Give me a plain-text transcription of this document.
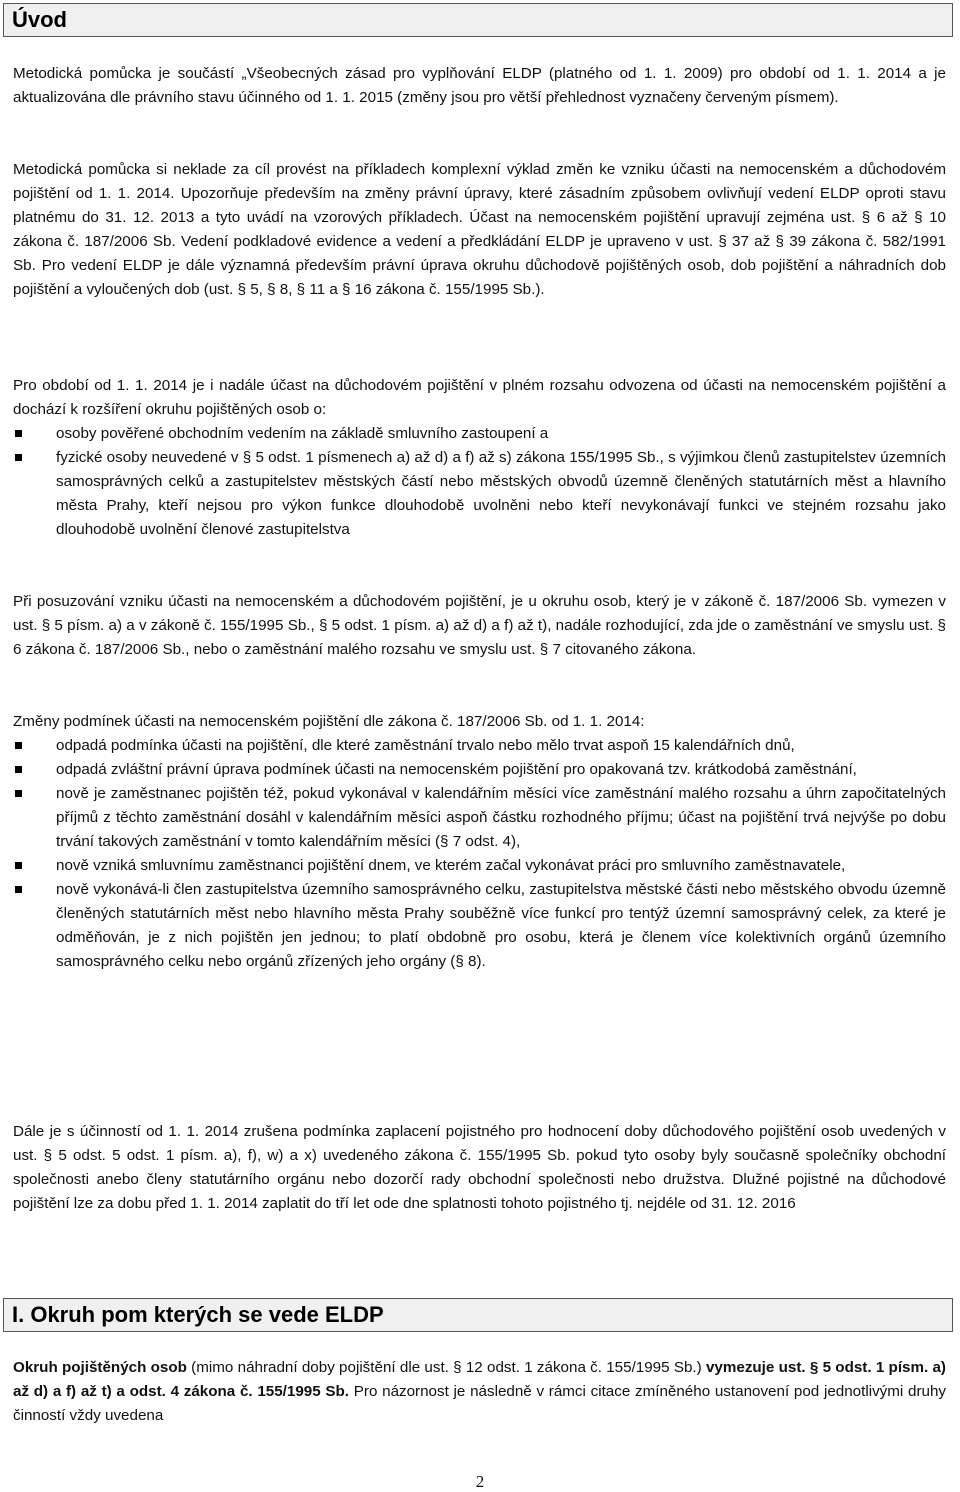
Úvod

Metodická pomůcka je součástí „Všeobecných zásad pro vyplňování ELDP (platného od 1. 1. 2009) pro období od 1. 1. 2014 a je aktualizována dle právního stavu účinného od 1. 1. 2015 (změny jsou pro větší přehlednost vyznačeny červeným písmem).

Metodická pomůcka si neklade za cíl provést na příkladech komplexní výklad změn ke vzniku účasti na nemocenském a důchodovém pojištění od 1. 1. 2014. Upozorňuje především na změny právní úpravy, které zásadním způsobem ovlivňují vedení ELDP oproti stavu platnému do 31. 12. 2013 a tyto uvádí na vzorových příkladech. Účast na nemocenském pojištění upravují zejména ust. § 6 až § 10 zákona č. 187/2006 Sb. Vedení podkladové evidence a vedení a předkládání ELDP je upraveno v ust. § 37 až § 39 zákona č. 582/1991 Sb. Pro vedení ELDP je dále významná především právní úprava okruhu důchodově pojištěných osob, dob pojištění a náhradních dob pojištění a vyloučených dob (ust. § 5, § 8, § 11 a § 16 zákona č. 155/1995 Sb.).

Pro období od 1. 1. 2014 je i nadále účast na důchodovém pojištění v plném rozsahu odvozena od účasti na nemocenském pojištění a dochází k rozšíření okruhu pojištěných osob o:

osoby pověřené obchodním vedením na základě smluvního zastoupení a
fyzické osoby neuvedené v § 5 odst. 1 písmenech a) až d) a f) až s) zákona 155/1995 Sb., s výjimkou členů zastupitelstev územních samosprávných celků a zastupitelstev městských částí nebo městských obvodů územně členěných statutárních měst a hlavního města Prahy, kteří nejsou pro výkon funkce dlouhodobě uvolněni nebo kteří nevykonávají funkci ve stejném rozsahu jako dlouhodobě uvolnění členové zastupitelstva

Při posuzování vzniku účasti na nemocenském a důchodovém pojištění, je u okruhu osob, který je v zákoně č. 187/2006 Sb. vymezen v ust. § 5 písm. a) a v zákoně č. 155/1995 Sb., § 5 odst. 1 písm. a) až d) a f) až t), nadále rozhodující, zda jde o zaměstnání ve smyslu ust. § 6 zákona č. 187/2006 Sb., nebo o zaměstnání malého rozsahu ve smyslu ust. § 7 citovaného zákona.

Změny podmínek účasti na nemocenském pojištění dle zákona č. 187/2006 Sb. od 1. 1. 2014:

odpadá podmínka účasti na pojištění, dle které zaměstnání trvalo nebo mělo trvat aspoň 15 kalendářních dnů,
odpadá zvláštní právní úprava podmínek účasti na nemocenském pojištění pro opakovaná tzv. krátkodobá zaměstnání,
nově je zaměstnanec pojištěn též, pokud vykonával v kalendářním měsíci více zaměstnání malého rozsahu a úhrn započitatelných příjmů z těchto zaměstnání dosáhl v kalendářním měsíci aspoň částku rozhodného příjmu; účast na pojištění trvá nejvýše po dobu trvání takových zaměstnání v tomto kalendářním měsíci (§ 7 odst. 4),
nově vzniká smluvnímu zaměstnanci pojištění dnem, ve kterém začal vykonávat práci pro smluvního zaměstnavatele,
nově vykonává-li člen zastupitelstva územního samosprávného celku, zastupitelstva městské části nebo městského obvodu územně členěných statutárních měst nebo hlavního města Prahy souběžně více funkcí pro tentýž územní samosprávný celek, za které je odměňován, je z nich pojištěn jen jednou; to platí obdobně pro osobu, která je členem více kolektivních orgánů územního samosprávného celku nebo orgánů zřízených jeho orgány (§ 8).

Dále je s účinností od 1. 1. 2014 zrušena podmínka zaplacení pojistného pro hodnocení doby důchodového pojištění osob uvedených v ust. § 5 odst. 5 odst. 1 písm. a), f), w) a x) uvedeného zákona č. 155/1995 Sb. pokud tyto osoby byly současně společníky obchodní společnosti anebo členy statutárního orgánu nebo dozorčí rady obchodní společnosti nebo družstva. Dlužné pojistné na důchodové pojištění lze za dobu před 1. 1. 2014 zaplatit do tří let ode dne splatnosti tohoto pojistného tj. nejdéle od 31. 12. 2016

I. Okruh pom kterých se vede ELDP

Okruh pojištěných osob (mimo náhradní doby pojištění dle ust. § 12 odst. 1 zákona č. 155/1995 Sb.) vymezuje ust. § 5 odst. 1 písm. a) až d) a f) až t) a odst. 4 zákona č. 155/1995 Sb. Pro názornost je následně v rámci citace zmíněného ustanovení pod jednotlivými druhy činností vždy uvedena

2
